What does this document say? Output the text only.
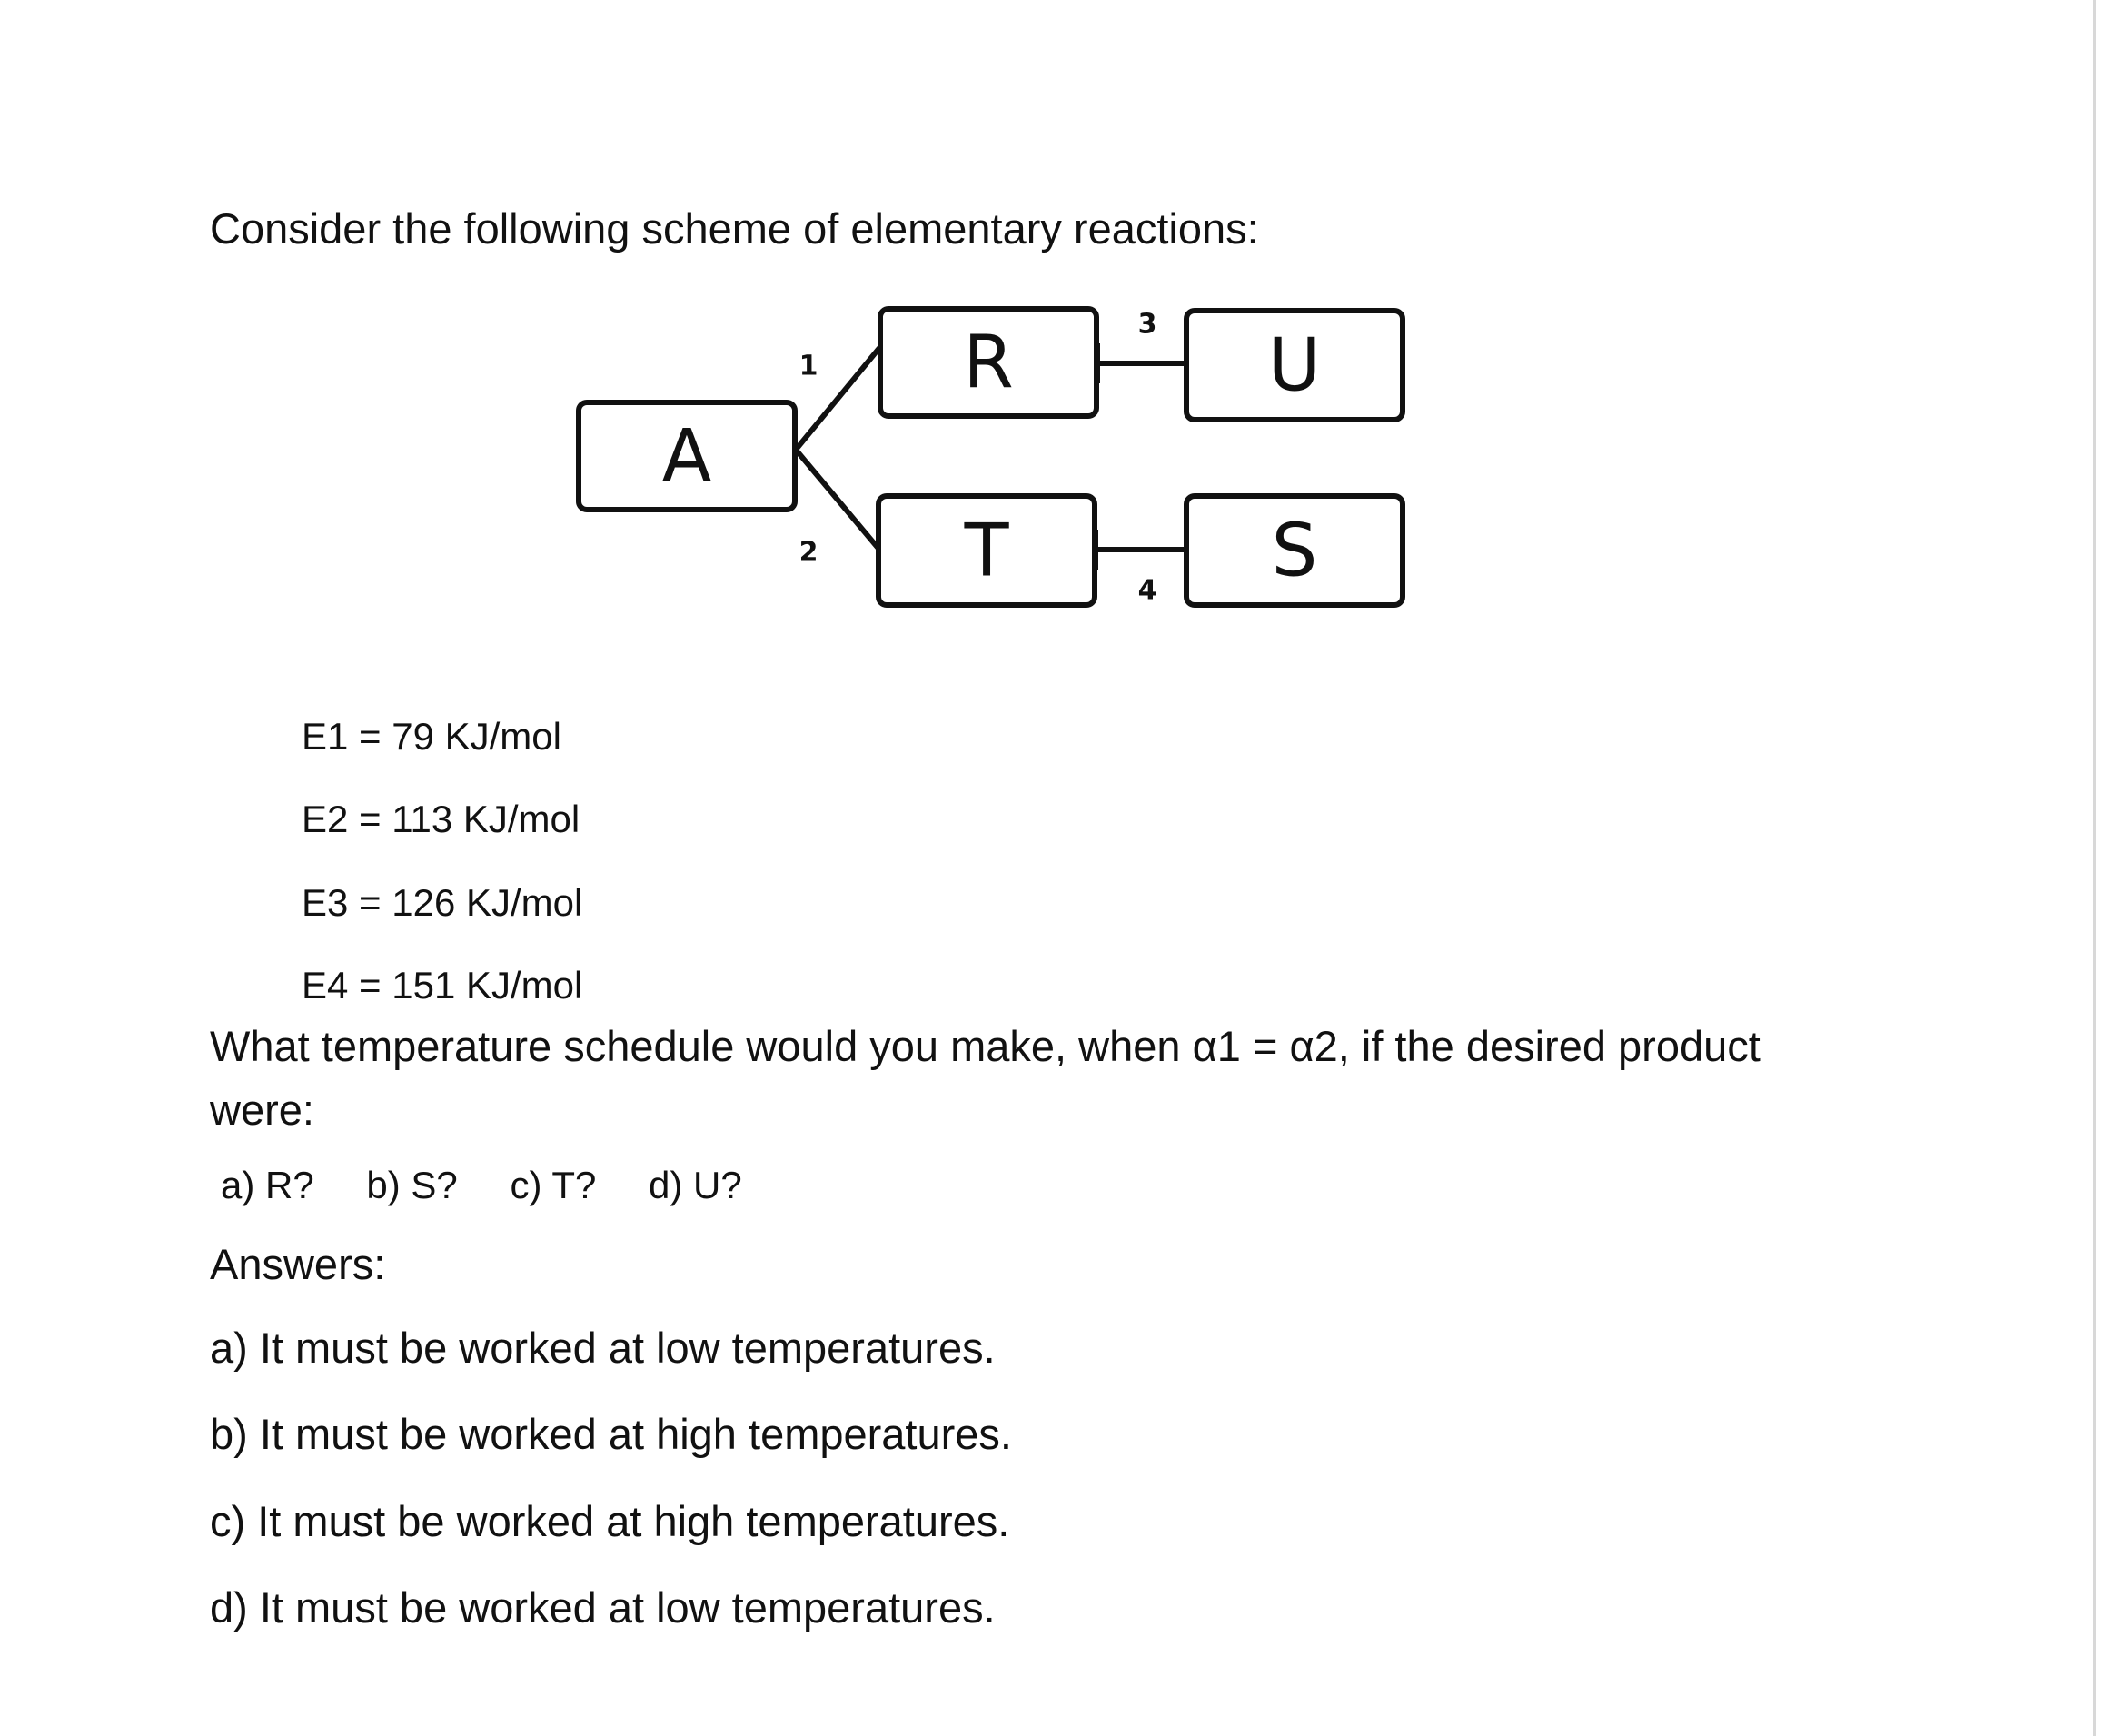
Consider the following scheme of elementary reactions:
A
R	U
T	S
1
2
3
4
E1 = 79 KJ/mol
E2 = 113 KJ/mol
E3 = 126 KJ/mol
E4 = 151 KJ/mol
What temperature schedule would you make, when α1 = α2, if the desired product
were:
a) R? b) S? c) T? d) U?
Answers:
a) It must be worked at low temperatures.
b) It must be worked at high temperatures.
c) It must be worked at high temperatures.
d) It must be worked at low temperatures.
